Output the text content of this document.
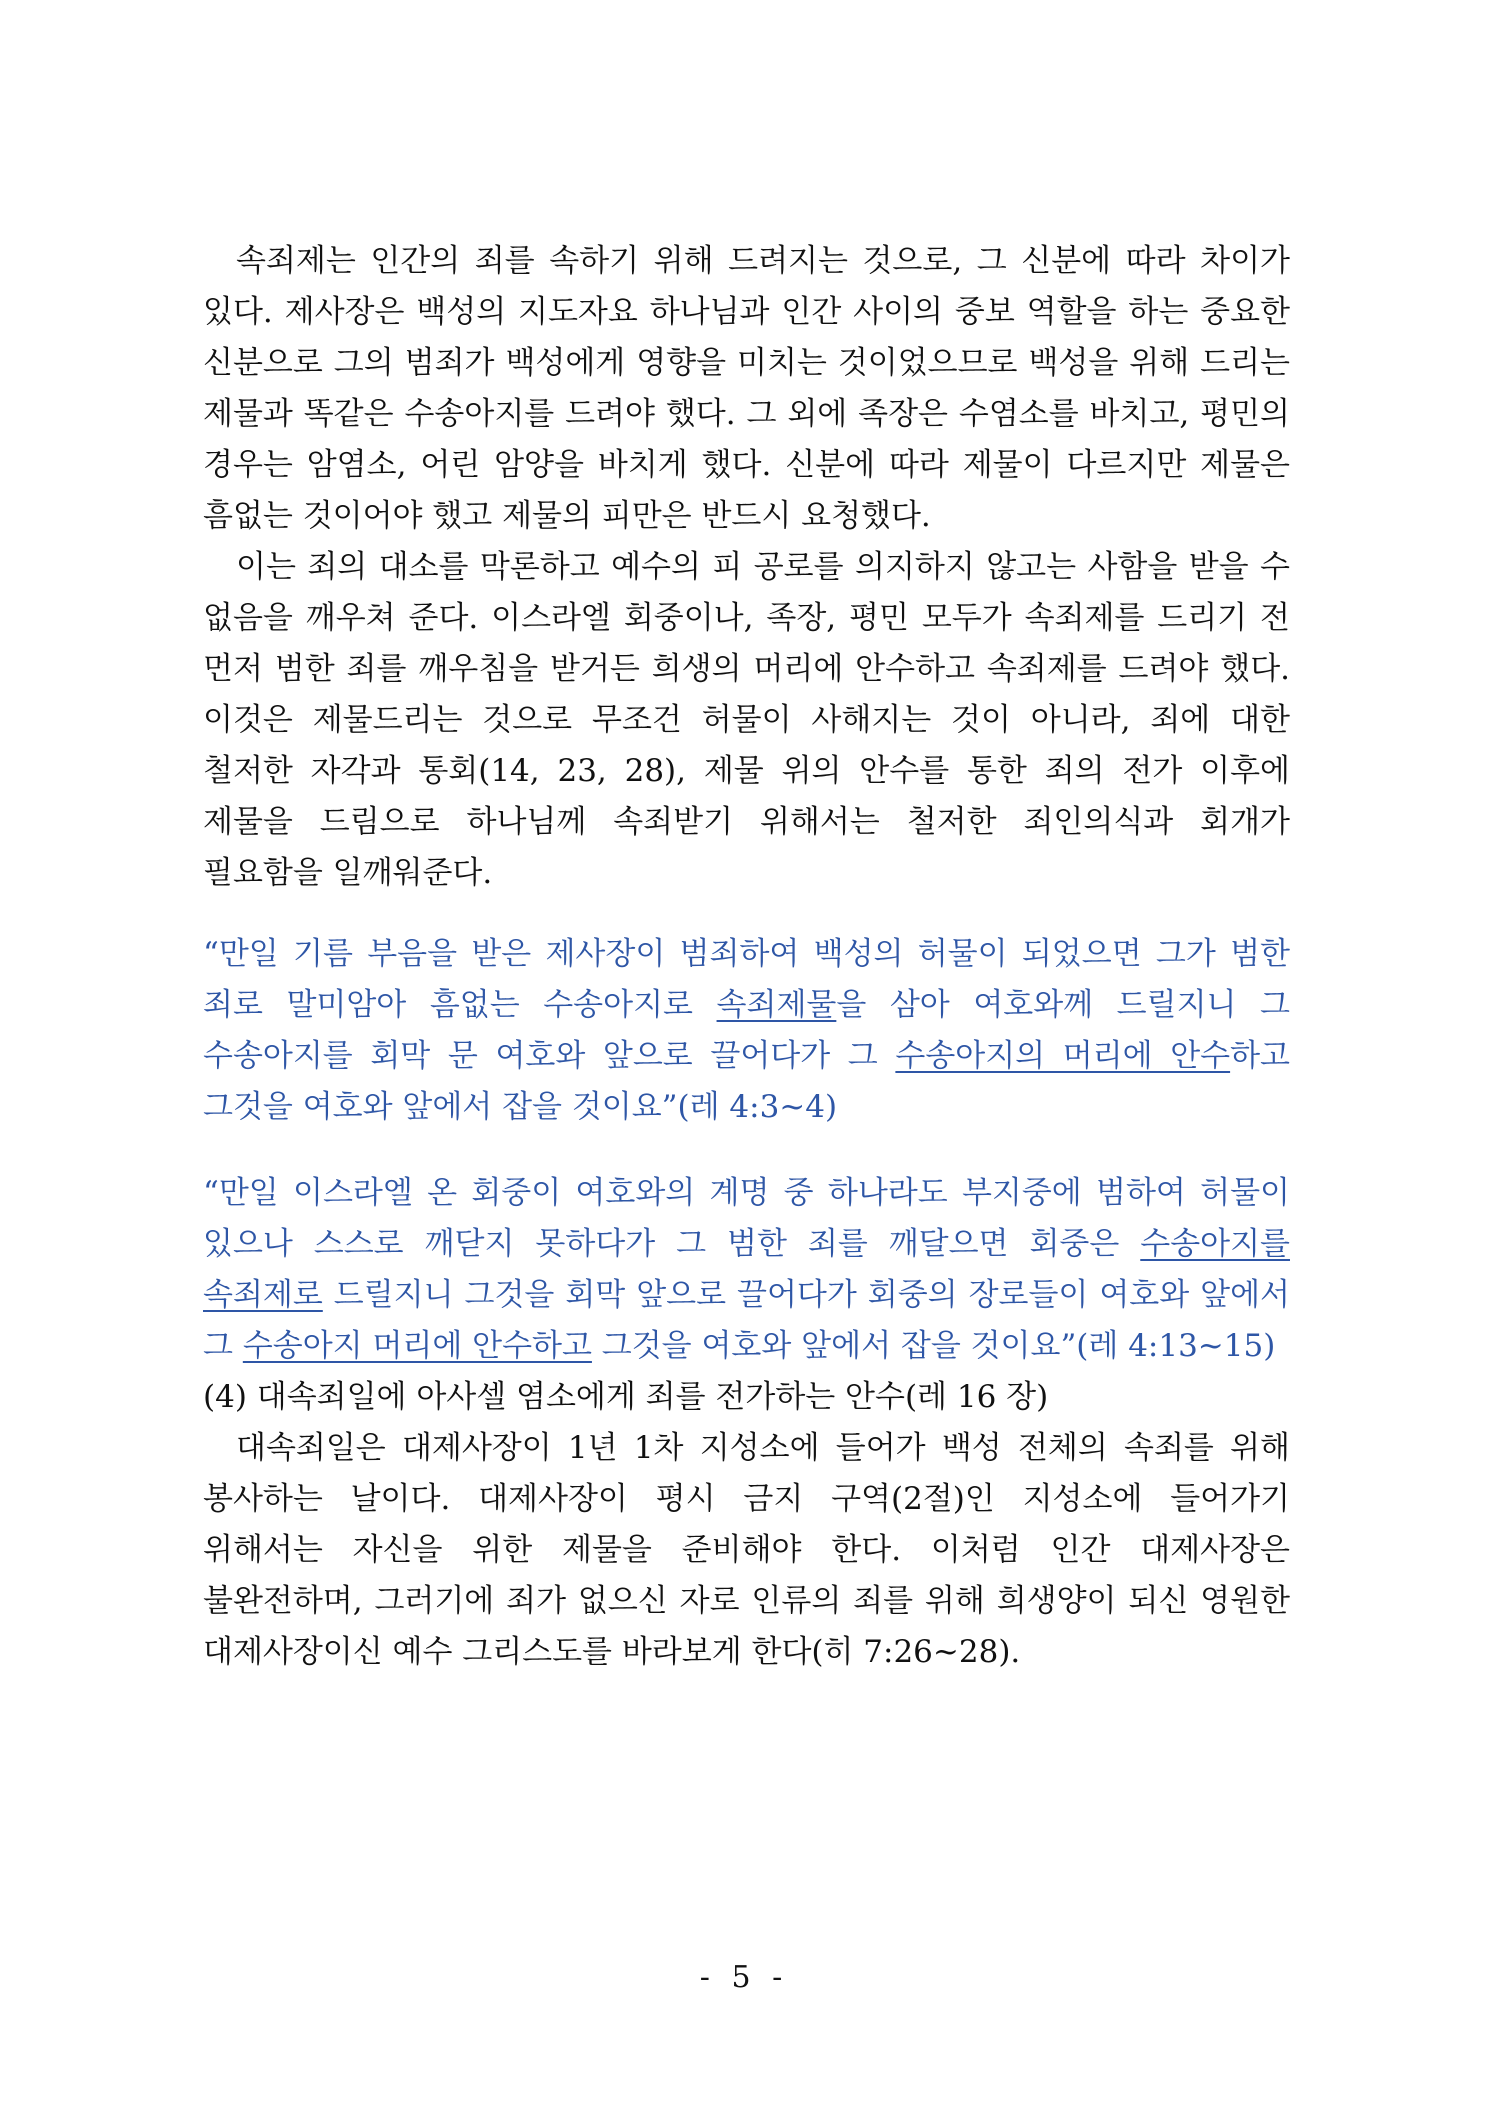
속죄제는 인간의 죄를 속하기 위해 드려지는 것으로, 그 신분에 따라 차이가 있다. 제사장은 백성의 지도자요 하나님과 인간 사이의 중보 역할을 하는 중요한 신분으로 그의 범죄가 백성에게 영향을 미치는 것이었으므로 백성을 위해 드리는 제물과 똑같은 수송아지를 드려야 했다. 그 외에 족장은 수염소를 바치고, 평민의 경우는 암염소, 어린 암양을 바치게 했다. 신분에 따라 제물이 다르지만 제물은 흠없는 것이어야 했고 제물의 피만은 반드시 요청했다.

이는 죄의 대소를 막론하고 예수의 피 공로를 의지하지 않고는 사함을 받을 수 없음을 깨우쳐 준다. 이스라엘 회중이나, 족장, 평민 모두가 속죄제를 드리기 전 먼저 범한 죄를 깨우침을 받거든 희생의 머리에 안수하고 속죄제를 드려야 했다. 이것은 제물드리는 것으로 무조건 허물이 사해지는 것이 아니라, 죄에 대한 철저한 자각과 통회(14, 23, 28), 제물 위의 안수를 통한 죄의 전가 이후에 제물을 드림으로 하나님께 속죄받기 위해서는 철저한 죄인의식과 회개가 필요함을 일깨워준다.

“만일 기름 부음을 받은 제사장이 범죄하여 백성의 허물이 되었으면 그가 범한 죄로 말미암아 흠없는 수송아지로 속죄제물을 삼아 여호와께 드릴지니 그 수송아지를 회막 문 여호와 앞으로 끌어다가 그 수송아지의 머리에 안수하고 그것을 여호와 앞에서 잡을 것이요”(레 4:3~4)

“만일 이스라엘 온 회중이 여호와의 계명 중 하나라도 부지중에 범하여 허물이 있으나 스스로 깨닫지 못하다가 그 범한 죄를 깨달으면 회중은 수송아지를 속죄제로 드릴지니 그것을 회막 앞으로 끌어다가 회중의 장로들이 여호와 앞에서 그 수송아지 머리에 안수하고 그것을 여호와 앞에서 잡을 것이요”(레 4:13~15)

(4) 대속죄일에 아사셀 염소에게 죄를 전가하는 안수(레 16 장)

대속죄일은 대제사장이 1년 1차 지성소에 들어가 백성 전체의 속죄를 위해 봉사하는 날이다. 대제사장이 평시 금지 구역(2절)인 지성소에 들어가기 위해서는 자신을 위한 제물을 준비해야 한다. 이처럼 인간 대제사장은 불완전하며, 그러기에 죄가 없으신 자로 인류의 죄를 위해 희생양이 되신 영원한 대제사장이신 예수 그리스도를 바라보게 한다(히 7:26~28).

- 5 -
